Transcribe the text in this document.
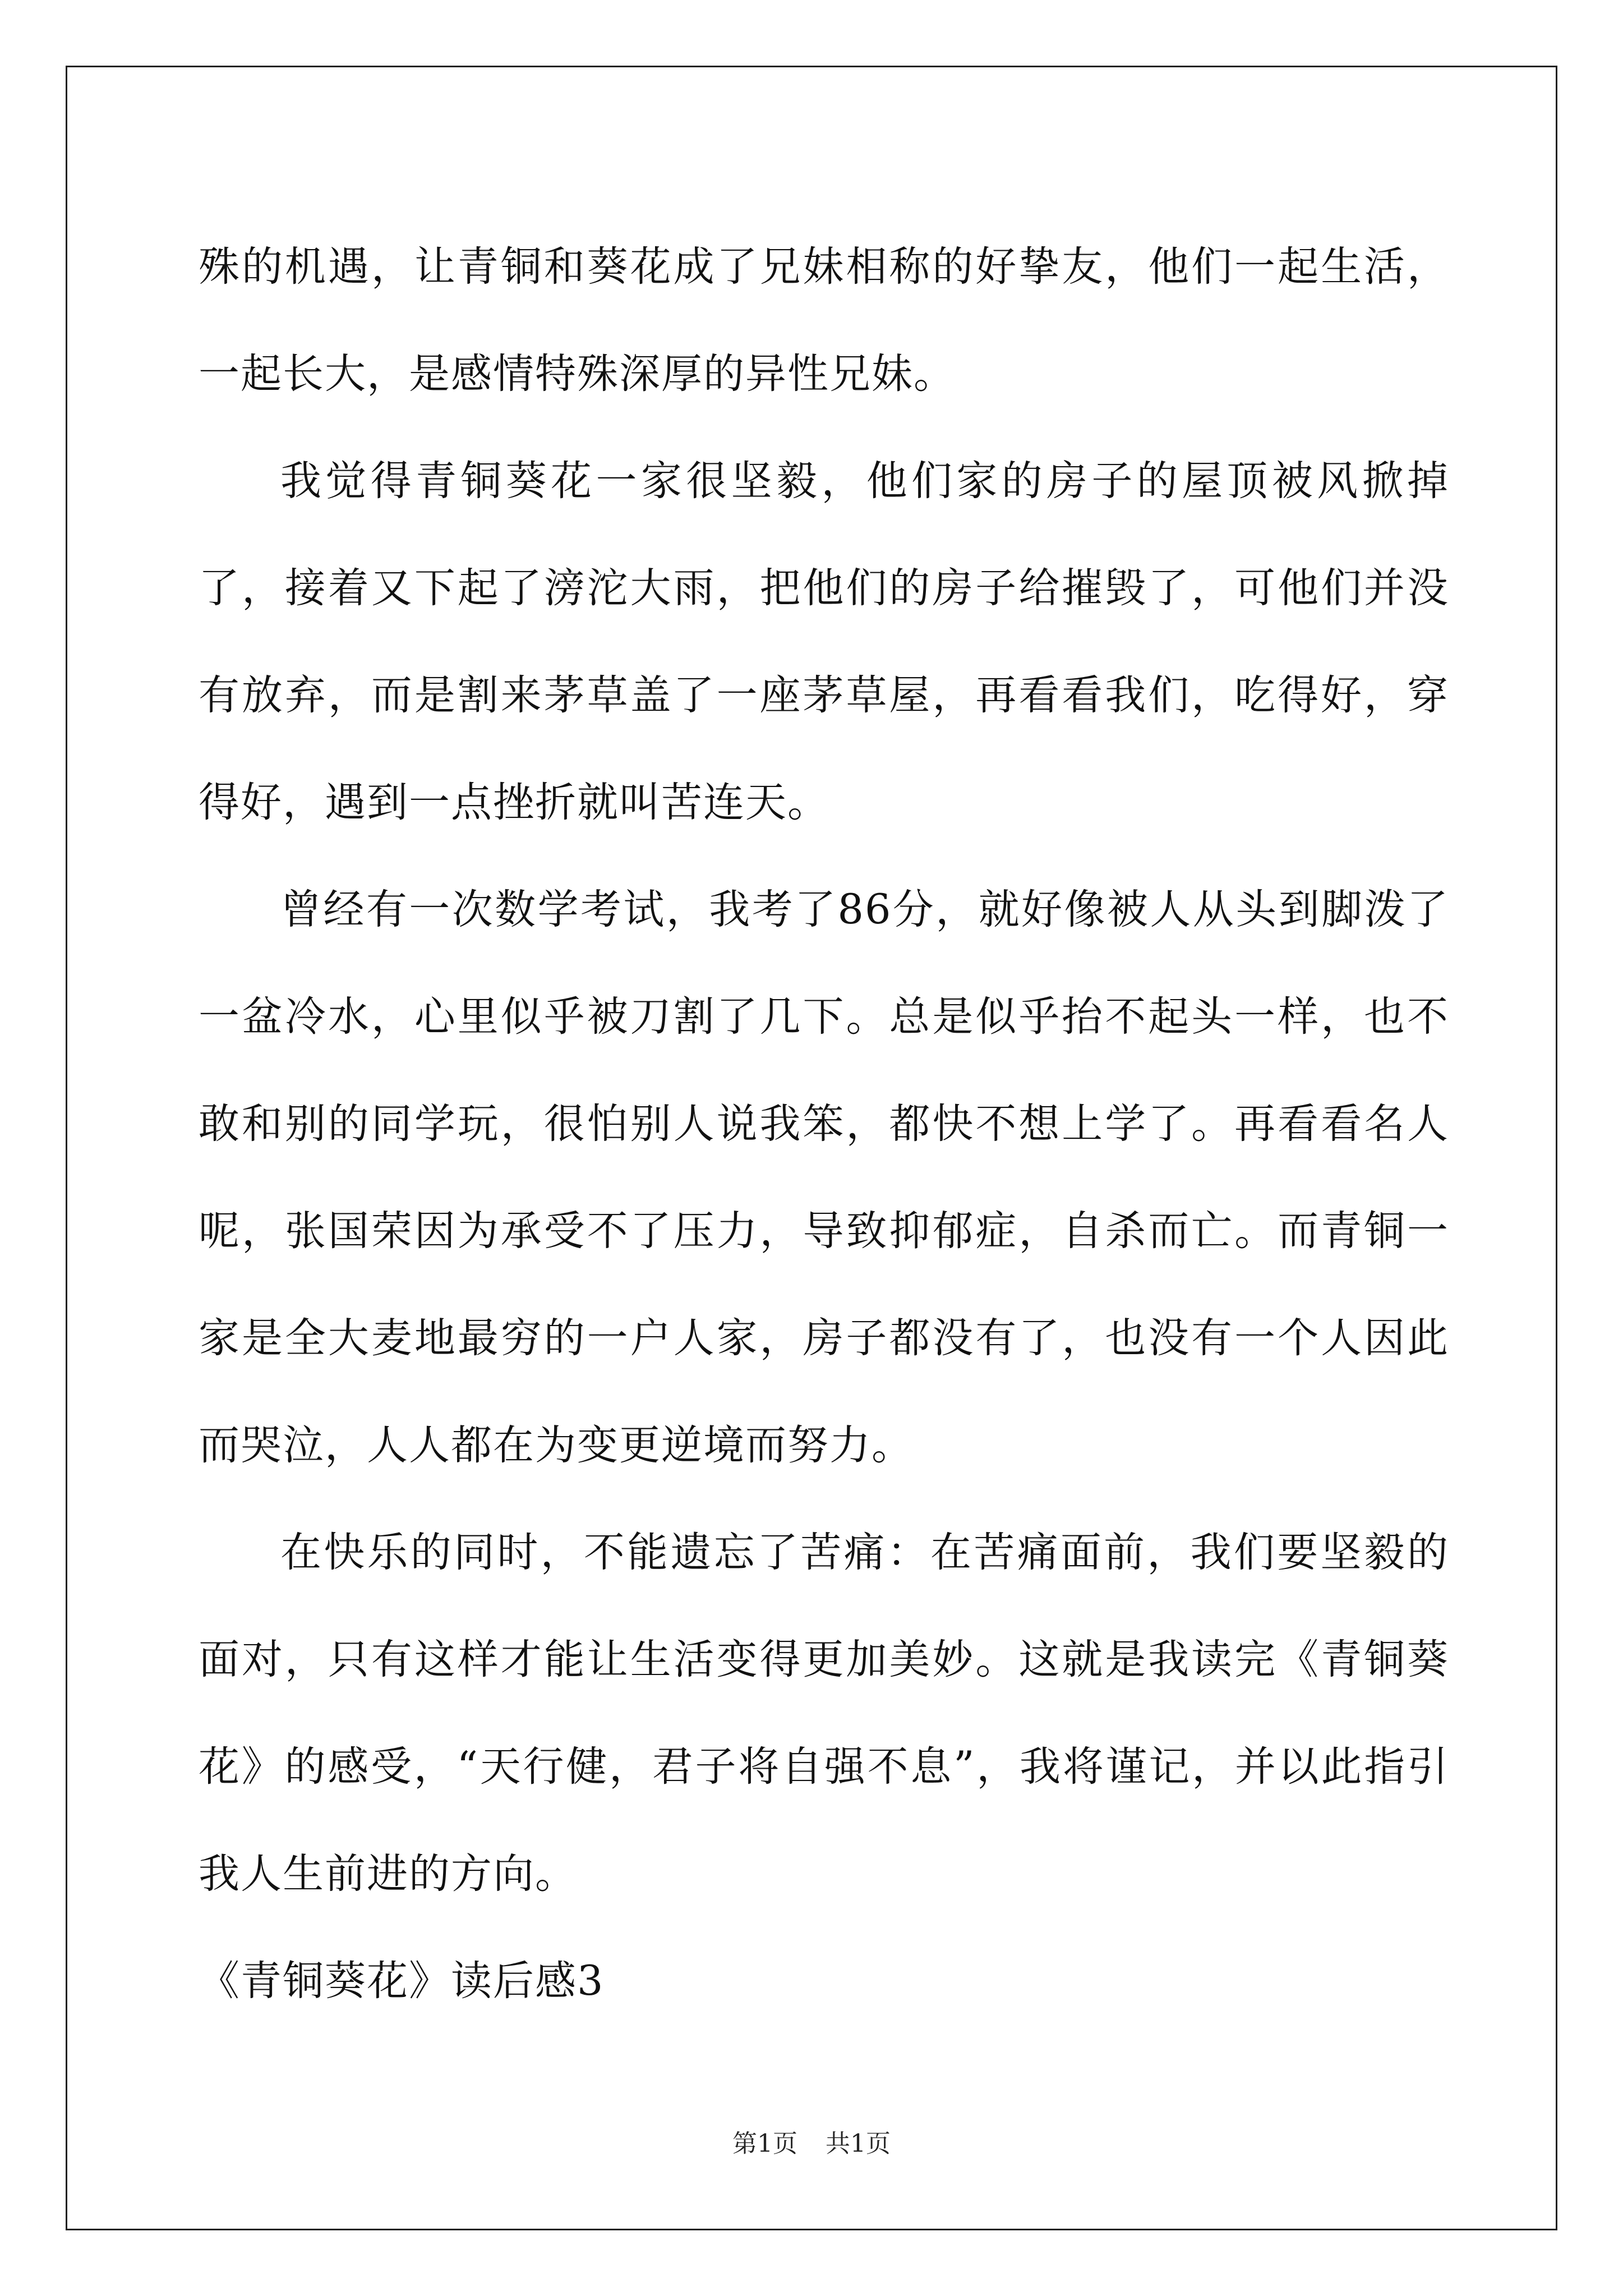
殊的机遇，让青铜和葵花成了兄妹相称的好挚友，他们一起生活，一起长大，是感情特殊深厚的异性兄妹。

我觉得青铜葵花一家很坚毅，他们家的房子的屋顶被风掀掉了，接着又下起了滂沱大雨，把他们的房子给摧毁了，可他们并没有放弃，而是割来茅草盖了一座茅草屋，再看看我们，吃得好，穿得好，遇到一点挫折就叫苦连天。

曾经有一次数学考试，我考了86分，就好像被人从头到脚泼了一盆冷水，心里似乎被刀割了几下。总是似乎抬不起头一样，也不敢和别的同学玩，很怕别人说我笨，都快不想上学了。再看看名人呢，张国荣因为承受不了压力，导致抑郁症，自杀而亡。而青铜一家是全大麦地最穷的一户人家，房子都没有了，也没有一个人因此而哭泣，人人都在为变更逆境而努力。

在快乐的同时，不能遗忘了苦痛：在苦痛面前，我们要坚毅的面对，只有这样才能让生活变得更加美妙。这就是我读完《青铜葵花》的感受，“天行健，君子将自强不息”，我将谨记，并以此指引我人生前进的方向。

《青铜葵花》读后感3

第1页 共1页
